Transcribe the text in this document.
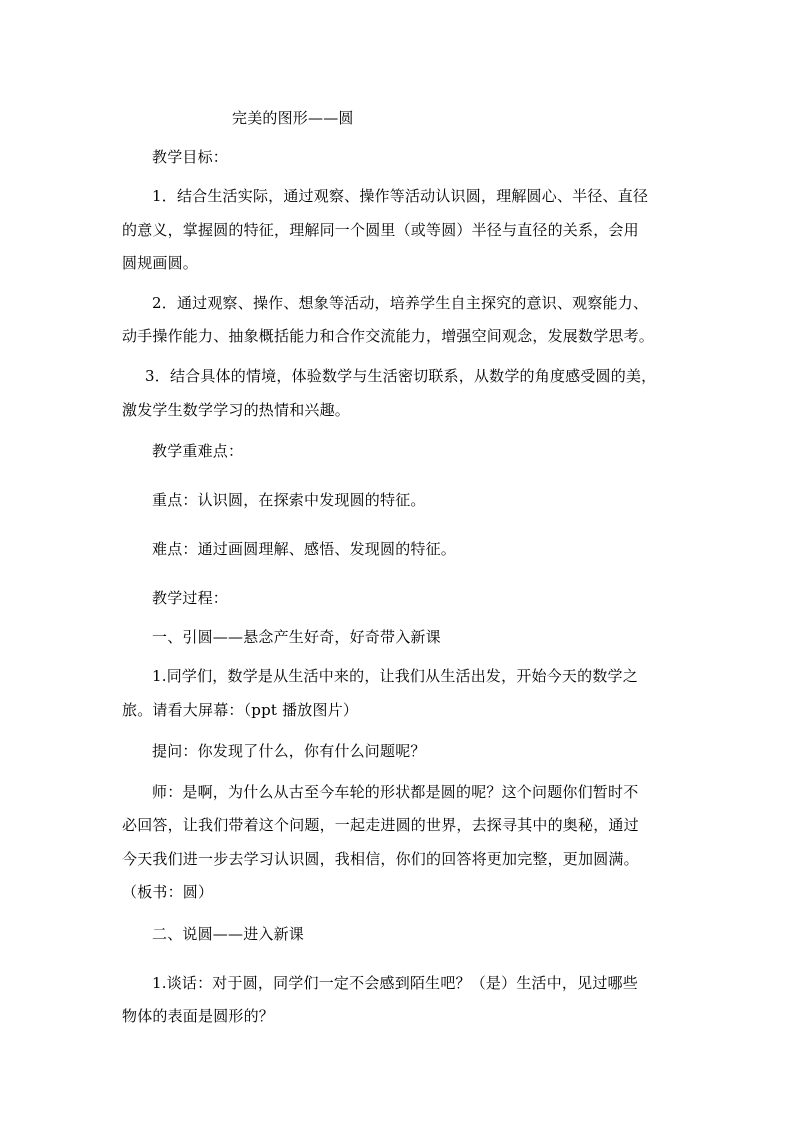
完美的图形——圆
教学目标：
1．结合生活实际，通过观察、操作等活动认识圆，理解圆心、半径、直径
的意义，掌握圆的特征，理解同一个圆里（或等圆）半径与直径的关系，会用
圆规画圆。
2．通过观察、操作、想象等活动，培养学生自主探究的意识、观察能力、
动手操作能力、抽象概括能力和合作交流能力，增强空间观念，发展数学思考。
3．结合具体的情境，体验数学与生活密切联系，从数学的角度感受圆的美，
激发学生数学学习的热情和兴趣。
教学重难点：
重点：认识圆，在探索中发现圆的特征。
难点：通过画圆理解、感悟、发现圆的特征。
教学过程：
一、引圆——悬念产生好奇，好奇带入新课
1.同学们，数学是从生活中来的，让我们从生活出发，开始今天的数学之
旅。请看大屏幕：（ppt 播放图片）
提问：你发现了什么，你有什么问题呢？
师：是啊，为什么从古至今车轮的形状都是圆的呢？这个问题你们暂时不
必回答，让我们带着这个问题，一起走进圆的世界，去探寻其中的奥秘，通过
今天我们进一步去学习认识圆，我相信，你们的回答将更加完整，更加圆满。
（板书：圆）
二、说圆——进入新课
1.谈话：对于圆，同学们一定不会感到陌生吧？（是）生活中，见过哪些
物体的表面是圆形的？
